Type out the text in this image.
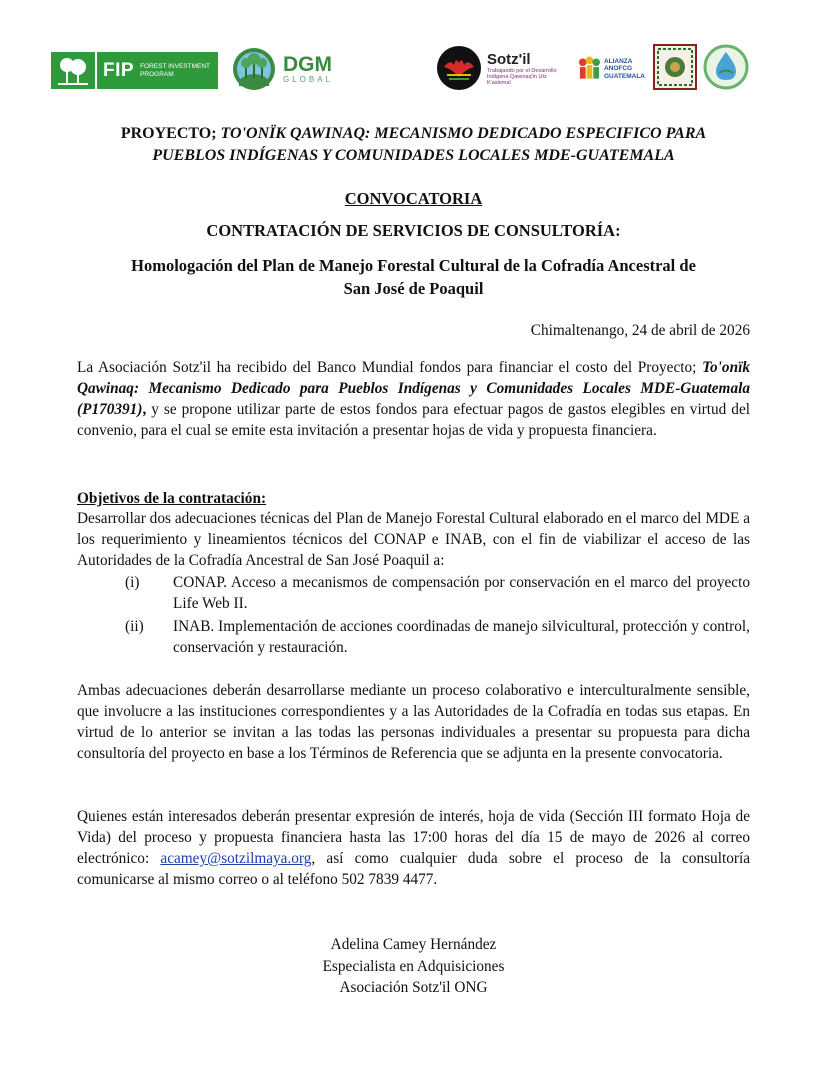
FIP FOREST INVESTMENT
PROGRAM	DGM
GLOBAL
Sotz'il
Trabajando por el Desarrollo Indígena Qawinaq'in Utz K'aslemal
ALIANZA
ANOFCG
GUATEMALA
PROYECTO; TO'ONÏK QAWINAQ: MECANISMO DEDICADO ESPECIFICO PARA
PUEBLOS INDÍGENAS Y COMUNIDADES LOCALES MDE-GUATEMALA
CONVOCATORIA
CONTRATACIÓN DE SERVICIOS DE CONSULTORÍA:
Homologación del Plan de Manejo Forestal Cultural de la Cofradía Ancestral de
San José de Poaquil
Chimaltenango, 24 de abril de 2026
La Asociación Sotz'il ha recibido del Banco Mundial fondos para financiar el costo del Proyecto; To'onïk Qawinaq: Mecanismo Dedicado para Pueblos Indígenas y Comunidades Locales MDE-Guatemala (P170391), y se propone utilizar parte de estos fondos para efectuar pagos de gastos elegibles en virtud del convenio, para el cual se emite esta invitación a presentar hojas de vida y propuesta financiera.
Objetivos de la contratación:
Desarrollar dos adecuaciones técnicas del Plan de Manejo Forestal Cultural elaborado en el marco del MDE a los requerimiento y lineamientos técnicos del CONAP e INAB, con el fin de viabilizar el acceso de las Autoridades de la Cofradía Ancestral de San José Poaquil a:
(i)	CONAP. Acceso a mecanismos de compensación por conservación en el marco del proyecto Life Web II.
(ii)	INAB. Implementación de acciones coordinadas de manejo silvicultural, protección y control, conservación y restauración.
Ambas adecuaciones deberán desarrollarse mediante un proceso colaborativo e interculturalmente sensible, que involucre a las instituciones correspondientes y a las Autoridades de la Cofradía en todas sus etapas. En virtud de lo anterior se invitan a las todas las personas individuales a presentar su propuesta para dicha consultoría del proyecto en base a los Términos de Referencia que se adjunta en la presente convocatoria.
Quienes están interesados deberán presentar expresión de interés, hoja de vida (Sección III formato Hoja de Vida) del proceso y propuesta financiera hasta las 17:00 horas del día 15 de mayo de 2026 al correo electrónico: acamey@sotzilmaya.org, así como cualquier duda sobre el proceso de la consultoría comunicarse al mismo correo o al teléfono 502 7839 4477.
Adelina Camey Hernández
Especialista en Adquisiciones
Asociación Sotz'il ONG
